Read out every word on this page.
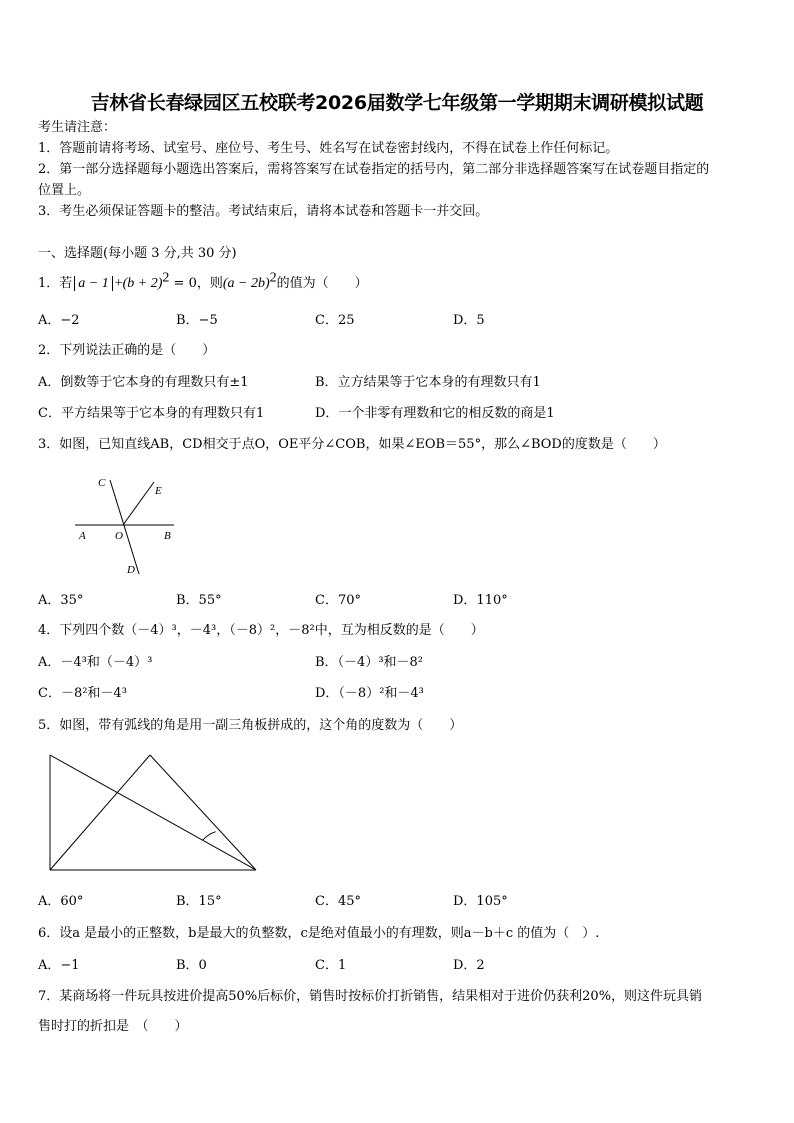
吉林省长春绿园区五校联考2026届数学七年级第一学期期末调研模拟试题
考生请注意：
1．答题前请将考场、试室号、座位号、考生号、姓名写在试卷密封线内，不得在试卷上作任何标记。
2．第一部分选择题每小题选出答案后，需将答案写在试卷指定的括号内，第二部分非选择题答案写在试卷题目指定的
位置上。
3．考生必须保证答题卡的整洁。考试结束后，请将本试卷和答题卡一并交回。
一、选择题(每小题 3 分,共 30 分)
1．若 $a - 1 +(b + 2)^2 = 0$，则$(a - 2b)^2$的值为（　　）
A．−2	B．−5	C．25	D．5
2．下列说法正确的是（　　）
A．倒数等于它本身的有理数只有±1	B．立方结果等于它本身的有理数只有1
C．平方结果等于它本身的有理数只有1	D．一个非零有理数和它的相反数的商是1
3．如图，已知直线AB，CD相交于点O，OE平分∠COB，如果∠EOB＝55°，那么∠BOD的度数是（　　）
C
E
A	O	B
D
A．35°	B．55°	C．70°	D．110°
4．下列四个数（－4）³，－4³，（－8）²，－8²中，互为相反数的是（　　）
A．－4³和（－4）³	B．（－4）³和－8²
C．－8²和－4³	D．（－8）²和－4³
5．如图，带有弧线的角是用一副三角板拼成的，这个角的度数为（　　）
A．60°	B．15°	C．45°	D．105°
6．设a 是最小的正整数，b是最大的负整数，c是绝对值最小的有理数，则a－b＋c 的值为（　）.
A．−1	B．0	C．1	D．2
7．某商场将一件玩具按进价提高50%后标价，销售时按标价打折销售，结果相对于进价仍获利20%，则这件玩具销
售时打的折扣是　（　　）
